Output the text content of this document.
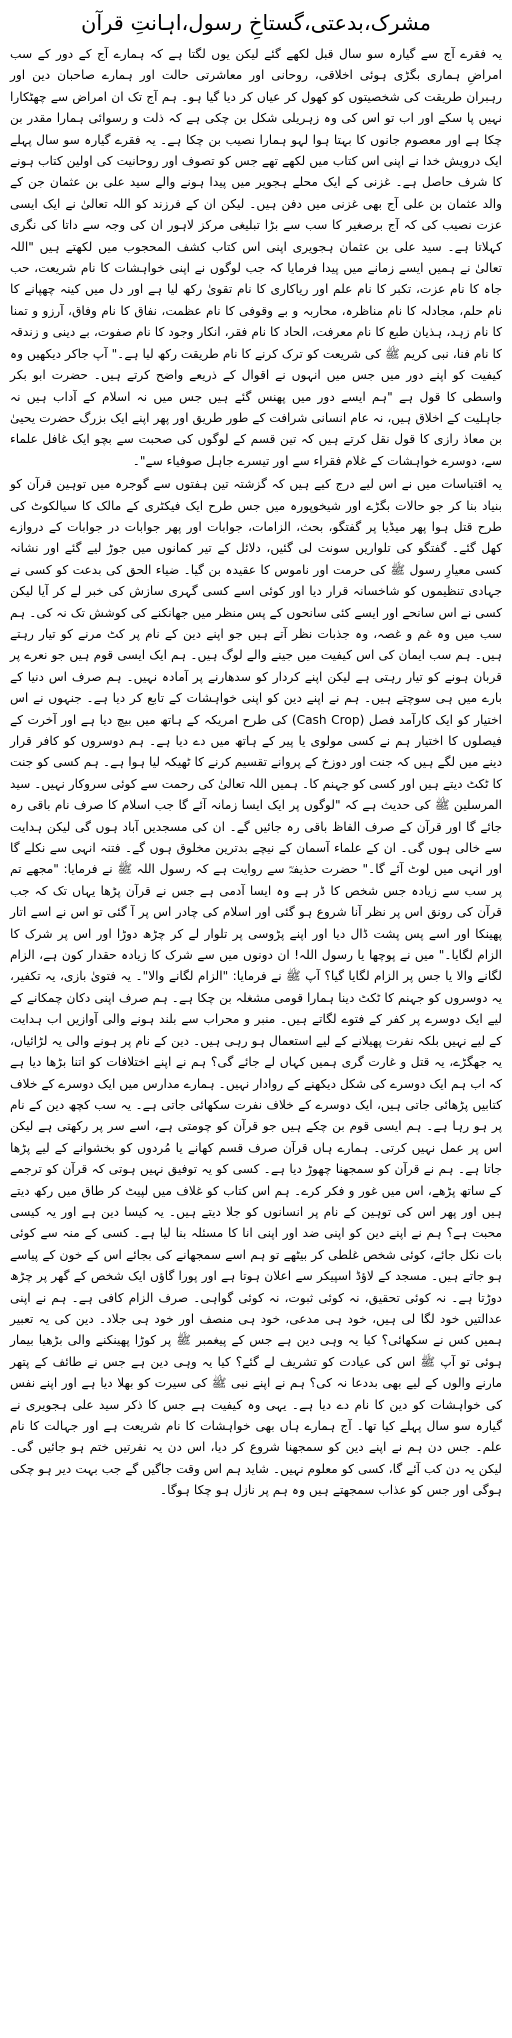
مشرک،بدعتی،گستاخِ رسول،اہانتِ قرآن

یہ فقرے آج سے گیارہ سو سال قبل لکھے گئے لیکن یوں لگتا ہے کہ ہمارے آج کے دور کے سب امراضِ ہماری بگڑی ہوئی اخلاقی، روحانی اور معاشرتی حالت اور ہمارے صاحبان دین اور رہبران طریقت کی شخصیتوں کو کھول کر عیاں کر دیا گیا ہو۔ ہم آج تک ان امراض سے چھٹکارا نہیں پا سکے اور اب تو اس کی وہ زہریلی شکل بن چکی ہے کہ ذلت و رسوائی ہمارا مقدر بن چکا ہے اور معصوم جانوں کا بہتا ہوا لہو ہمارا نصیب بن چکا ہے۔ یہ فقرے گیارہ سو سال پہلے ایک درویش خدا نے اپنی اس کتاب میں لکھے تھے جس کو تصوف اور روحانیت کی اولین کتاب ہونے کا شرف حاصل ہے۔ غزنی کے ایک محلے ہجویر میں پیدا ہونے والے سید علی بن عثمان جن کے والد عثمان بن علی آج بھی غزنی میں دفن ہیں۔ لیکن ان کے فرزند کو اللہ تعالیٰ نے ایک ایسی عزت نصیب کی کہ آج برصغیر کا سب سے بڑا تبلیغی مرکز لاہور ان کی وجہ سے داتا کی نگری کہلاتا ہے۔ سید علی بن عثمان ہجویری اپنی اس کتاب کشف المحجوب میں لکھتے ہیں "اللہ تعالیٰ نے ہمیں ایسے زمانے میں پیدا فرمایا کہ جب لوگوں نے اپنی خواہشات کا نام شریعت، حب جاہ کا نام عزت، تکبر کا نام علم اور ریاکاری کا نام تقویٰ رکھ لیا ہے اور دل میں کینہ چھپانے کا نام حلم، مجادلہ کا نام مناظرہ، محاربہ و بے وقوفی کا نام عظمت، نفاق کا نام وفاق، آرزو و تمنا کا نام زہد، ہذیان طبع کا نام معرفت، الحاد کا نام فقر، انکار وجود کا نام صفوت، بے دینی و زندقہ کا نام فنا، نبی کریم ﷺ کی شریعت کو ترک کرنے کا نام طریقت رکھ لیا ہے۔" آپ جاکر دیکھیں وہ کیفیت کو اپنے دور میں جس میں انہوں نے اقوال کے ذریعے واضح کرتے ہیں۔ حضرت ابو بکر واسطی کا قول ہے "ہم ایسے دور میں پھنس گئے ہیں جس میں نہ اسلام کے آداب ہیں نہ جاہلیت کے اخلاق ہیں، نہ عام انسانی شرافت کے طور طریق اور پھر اپنے ایک بزرگ حضرت یحییٰ بن معاذ رازی کا قول نقل کرتے ہیں کہ تین قسم کے لوگوں کی صحبت سے بچو ایک غافل علماء سے، دوسرے خواہشات کے غلام فقراء سے اور تیسرے جاہل صوفیاء سے"۔

یہ اقتباسات میں نے اس لیے درج کیے ہیں کہ گزشتہ تین ہفتوں سے گوجرہ میں توہین قرآن کو بنیاد بنا کر جو حالات بگڑے اور شیخوپورہ میں جس طرح ایک فیکٹری کے مالک کا سیالکوٹ کی طرح قتل ہوا پھر میڈیا پر گفتگو، بحث، الزامات، جوابات اور پھر جوابات در جوابات کے دروازے کھل گئے۔ گفتگو کی تلواریں سونت لی گئیں، دلائل کے تیر کمانوں میں جوڑ لیے گئے اور نشانہ کسی معیارِ رسول ﷺ کی حرمت اور ناموس کا عقیدہ بن گیا۔ ضیاء الحق کی بدعت کو کسی نے جہادی تنظیموں کو شاخسانہ قرار دیا اور کوئی اسے کسی گہری سازش کی خبر لے کر آیا لیکن کسی نے اس سانحے اور ایسے کئی سانحوں کے پس منظر میں جھانکنے کی کوشش تک نہ کی۔ ہم سب میں وہ غم و غصہ، وہ جذبات نظر آتے ہیں جو اپنے دین کے نام پر کٹ مرنے کو تیار رہتے ہیں۔ ہم سب ایمان کی اس کیفیت میں جینے والے لوگ ہیں۔ ہم ایک ایسی قوم ہیں جو نعرے پر قربان ہونے کو تیار رہتی ہے لیکن اپنے کردار کو سدھارنے پر آمادہ نہیں۔ ہم صرف اس دنیا کے بارے میں ہی سوچتے ہیں۔ ہم نے اپنے دین کو اپنی خواہشات کے تابع کر دیا ہے۔ جنہوں نے اس اختیار کو ایک کارآمد فصل (Cash Crop) کی طرح امریکہ کے ہاتھ میں بیچ دیا ہے اور آخرت کے فیصلوں کا اختیار ہم نے کسی مولوی یا پیر کے ہاتھ میں دے دیا ہے۔ ہم دوسروں کو کافر قرار دینے میں لگے ہیں کہ جنت اور دوزخ کے پروانے تقسیم کرنے کا ٹھیکہ لیا ہوا ہے۔ ہم کسی کو جنت کا ٹکٹ دیتے ہیں اور کسی کو جہنم کا۔ ہمیں اللہ تعالیٰ کی رحمت سے کوئی سروکار نہیں۔ سید المرسلین ﷺ کی حدیث ہے کہ "لوگوں پر ایک ایسا زمانہ آئے گا جب اسلام کا صرف نام باقی رہ جائے گا اور قرآن کے صرف الفاظ باقی رہ جائیں گے۔ ان کی مسجدیں آباد ہوں گی لیکن ہدایت سے خالی ہوں گی۔ ان کے علماء آسمان کے نیچے بدترین مخلوق ہوں گے۔ فتنہ انہی سے نکلے گا اور انہی میں لوٹ آئے گا۔" حضرت حذیفہؓ سے روایت ہے کہ رسول اللہ ﷺ نے فرمایا: "مجھے تم پر سب سے زیادہ جس شخص کا ڈر ہے وہ ایسا آدمی ہے جس نے قرآن پڑھا یہاں تک کہ جب قرآن کی رونق اس پر نظر آنا شروع ہو گئی اور اسلام کی چادر اس پر آ گئی تو اس نے اسے اتار پھینکا اور اسے پس پشت ڈال دیا اور اپنے پڑوسی پر تلوار لے کر چڑھ دوڑا اور اس پر شرک کا الزام لگایا۔" میں نے پوچھا یا رسول اللہ! ان دونوں میں سے شرک کا زیادہ حقدار کون ہے، الزام لگانے والا یا جس پر الزام لگایا گیا؟ آپ ﷺ نے فرمایا: "الزام لگانے والا"۔ یہ فتویٰ بازی، یہ تکفیر، یہ دوسروں کو جہنم کا ٹکٹ دینا ہمارا قومی مشغلہ بن چکا ہے۔ ہم صرف اپنی دکان چمکانے کے لیے ایک دوسرے پر کفر کے فتوے لگاتے ہیں۔ منبر و محراب سے بلند ہونے والی آوازیں اب ہدایت کے لیے نہیں بلکہ نفرت پھیلانے کے لیے استعمال ہو رہی ہیں۔ دین کے نام پر ہونے والی یہ لڑائیاں، یہ جھگڑے، یہ قتل و غارت گری ہمیں کہاں لے جائے گی؟ ہم نے اپنے اختلافات کو اتنا بڑھا دیا ہے کہ اب ہم ایک دوسرے کی شکل دیکھنے کے روادار نہیں۔ ہمارے مدارس میں ایک دوسرے کے خلاف کتابیں پڑھائی جاتی ہیں، ایک دوسرے کے خلاف نفرت سکھائی جاتی ہے۔ یہ سب کچھ دین کے نام پر ہو رہا ہے۔ ہم ایسی قوم بن چکے ہیں جو قرآن کو چومتی ہے، اسے سر پر رکھتی ہے لیکن اس پر عمل نہیں کرتی۔ ہمارے ہاں قرآن صرف قسم کھانے یا مُردوں کو بخشوانے کے لیے پڑھا جاتا ہے۔ ہم نے قرآن کو سمجھنا چھوڑ دیا ہے۔ کسی کو یہ توفیق نہیں ہوتی کہ قرآن کو ترجمے کے ساتھ پڑھے، اس میں غور و فکر کرے۔ ہم اس کتاب کو غلاف میں لپیٹ کر طاق میں رکھ دیتے ہیں اور پھر اس کی توہین کے نام پر انسانوں کو جلا دیتے ہیں۔ یہ کیسا دین ہے اور یہ کیسی محبت ہے؟ ہم نے اپنے دین کو اپنی ضد اور اپنی انا کا مسئلہ بنا لیا ہے۔ کسی کے منہ سے کوئی بات نکل جائے، کوئی شخص غلطی کر بیٹھے تو ہم اسے سمجھانے کی بجائے اس کے خون کے پیاسے ہو جاتے ہیں۔ مسجد کے لاؤڈ اسپیکر سے اعلان ہوتا ہے اور پورا گاؤں ایک شخص کے گھر پر چڑھ دوڑتا ہے۔ نہ کوئی تحقیق، نہ کوئی ثبوت، نہ کوئی گواہی۔ صرف الزام کافی ہے۔ ہم نے اپنی عدالتیں خود لگا لی ہیں، خود ہی مدعی، خود ہی منصف اور خود ہی جلاد۔ دین کی یہ تعبیر ہمیں کس نے سکھائی؟ کیا یہ وہی دین ہے جس کے پیغمبر ﷺ پر کوڑا پھینکنے والی بڑھیا بیمار ہوئی تو آپ ﷺ اس کی عیادت کو تشریف لے گئے؟ کیا یہ وہی دین ہے جس نے طائف کے پتھر مارنے والوں کے لیے بھی بددعا نہ کی؟ ہم نے اپنے نبی ﷺ کی سیرت کو بھلا دیا ہے اور اپنے نفس کی خواہشات کو دین کا نام دے دیا ہے۔ یہی وہ کیفیت ہے جس کا ذکر سید علی ہجویری نے گیارہ سو سال پہلے کیا تھا۔ آج ہمارے ہاں بھی خواہشات کا نام شریعت ہے اور جہالت کا نام علم۔ جس دن ہم نے اپنے دین کو سمجھنا شروع کر دیا، اس دن یہ نفرتیں ختم ہو جائیں گی۔ لیکن یہ دن کب آئے گا، کسی کو معلوم نہیں۔ شاید ہم اس وقت جاگیں گے جب بہت دیر ہو چکی ہوگی اور جس کو عذاب سمجھتے ہیں وہ ہم پر نازل ہو چکا ہوگا۔
